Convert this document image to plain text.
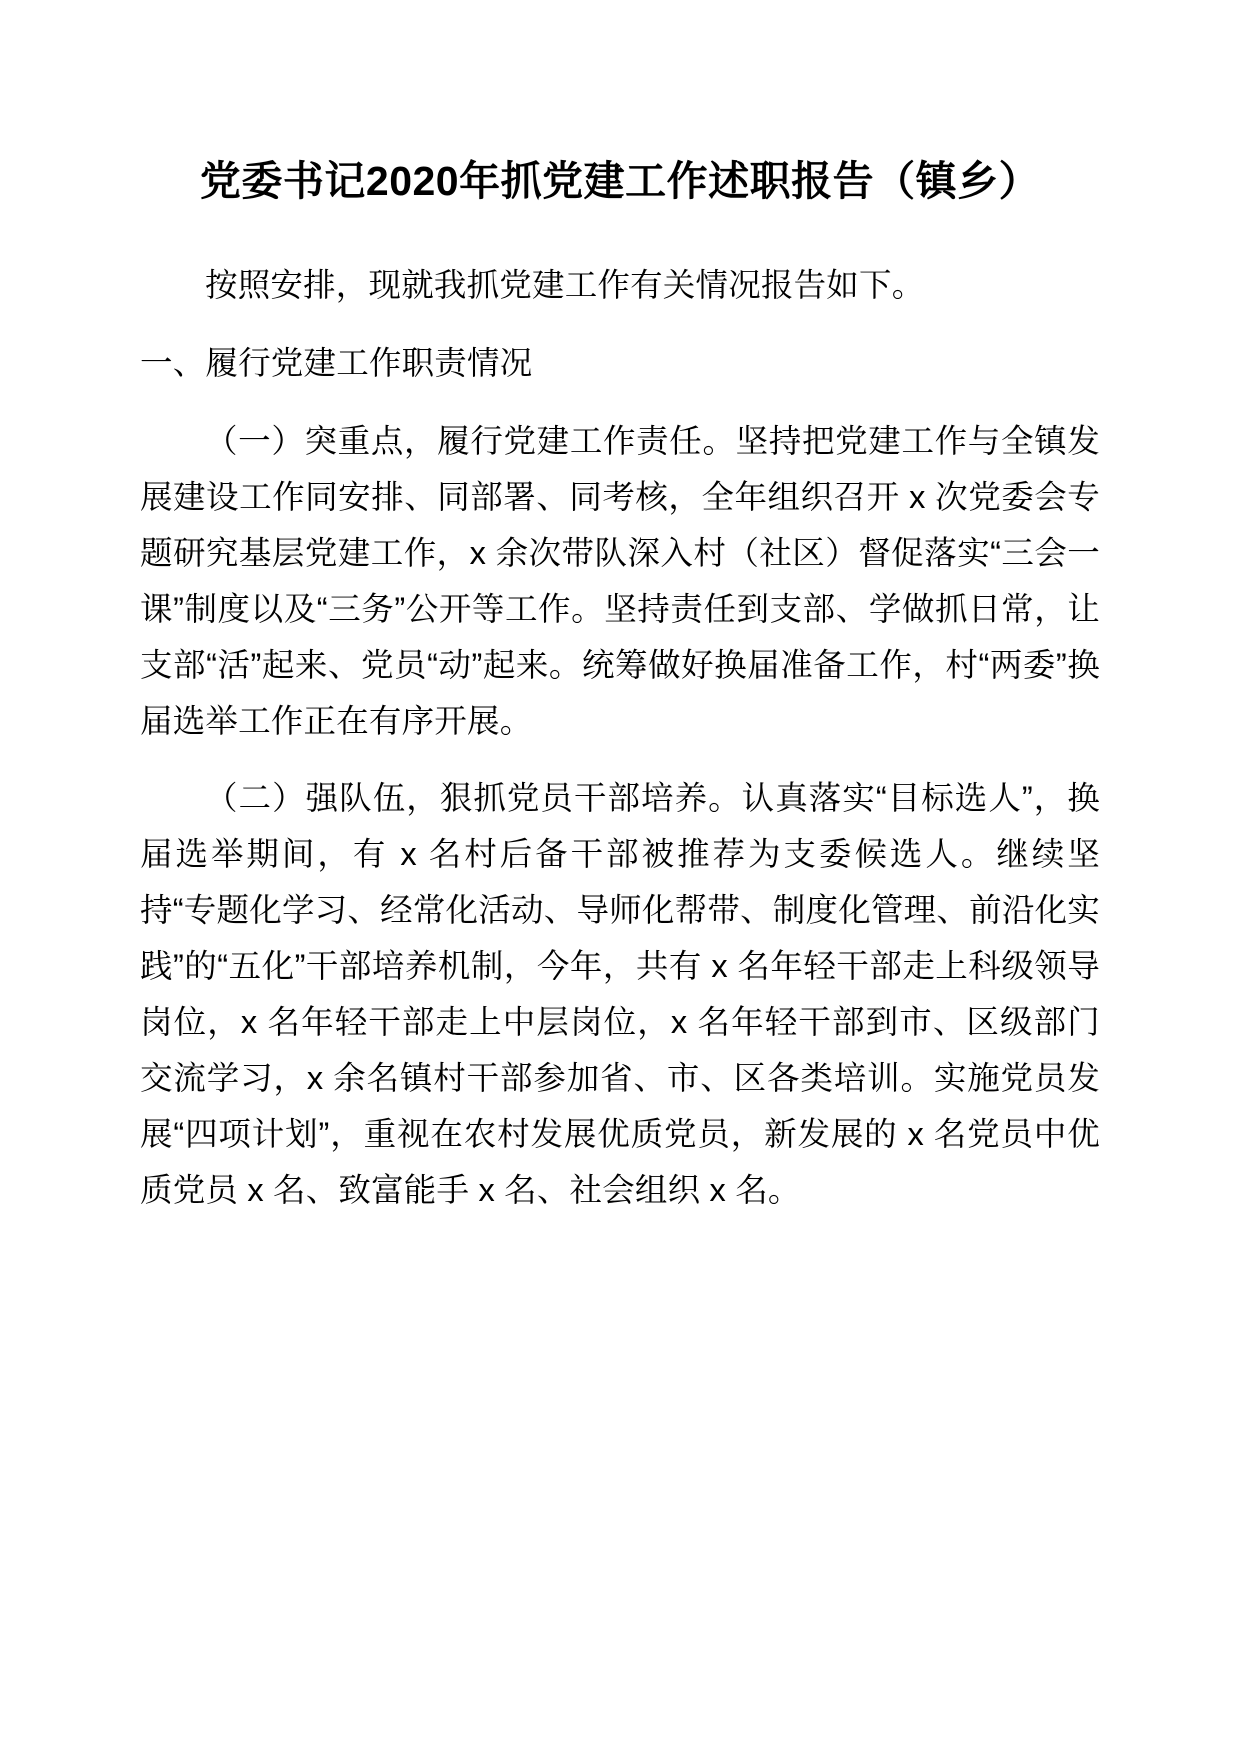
党委书记2020年抓党建工作述职报告（镇乡）

按照安排，现就我抓党建工作有关情况报告如下。

一、履行党建工作职责情况

（一）突重点，履行党建工作责任。坚持把党建工作与全镇发展建设工作同安排、同部署、同考核，全年组织召开 x 次党委会专题研究基层党建工作，x 余次带队深入村（社区）督促落实“三会一课”制度以及“三务”公开等工作。坚持责任到支部、学做抓日常，让支部“活”起来、党员“动”起来。统筹做好换届准备工作，村“两委”换届选举工作正在有序开展。

（二）强队伍，狠抓党员干部培养。认真落实“目标选人”，换届选举期间，有 x 名村后备干部被推荐为支委候选人。继续坚持“专题化学习、经常化活动、导师化帮带、制度化管理、前沿化实践”的“五化”干部培养机制，今年，共有 x 名年轻干部走上科级领导岗位，x 名年轻干部走上中层岗位，x 名年轻干部到市、区级部门交流学习，x 余名镇村干部参加省、市、区各类培训。实施党员发展“四项计划”，重视在农村发展优质党员，新发展的 x 名党员中优质党员 x 名、致富能手 x 名、社会组织 x 名。
